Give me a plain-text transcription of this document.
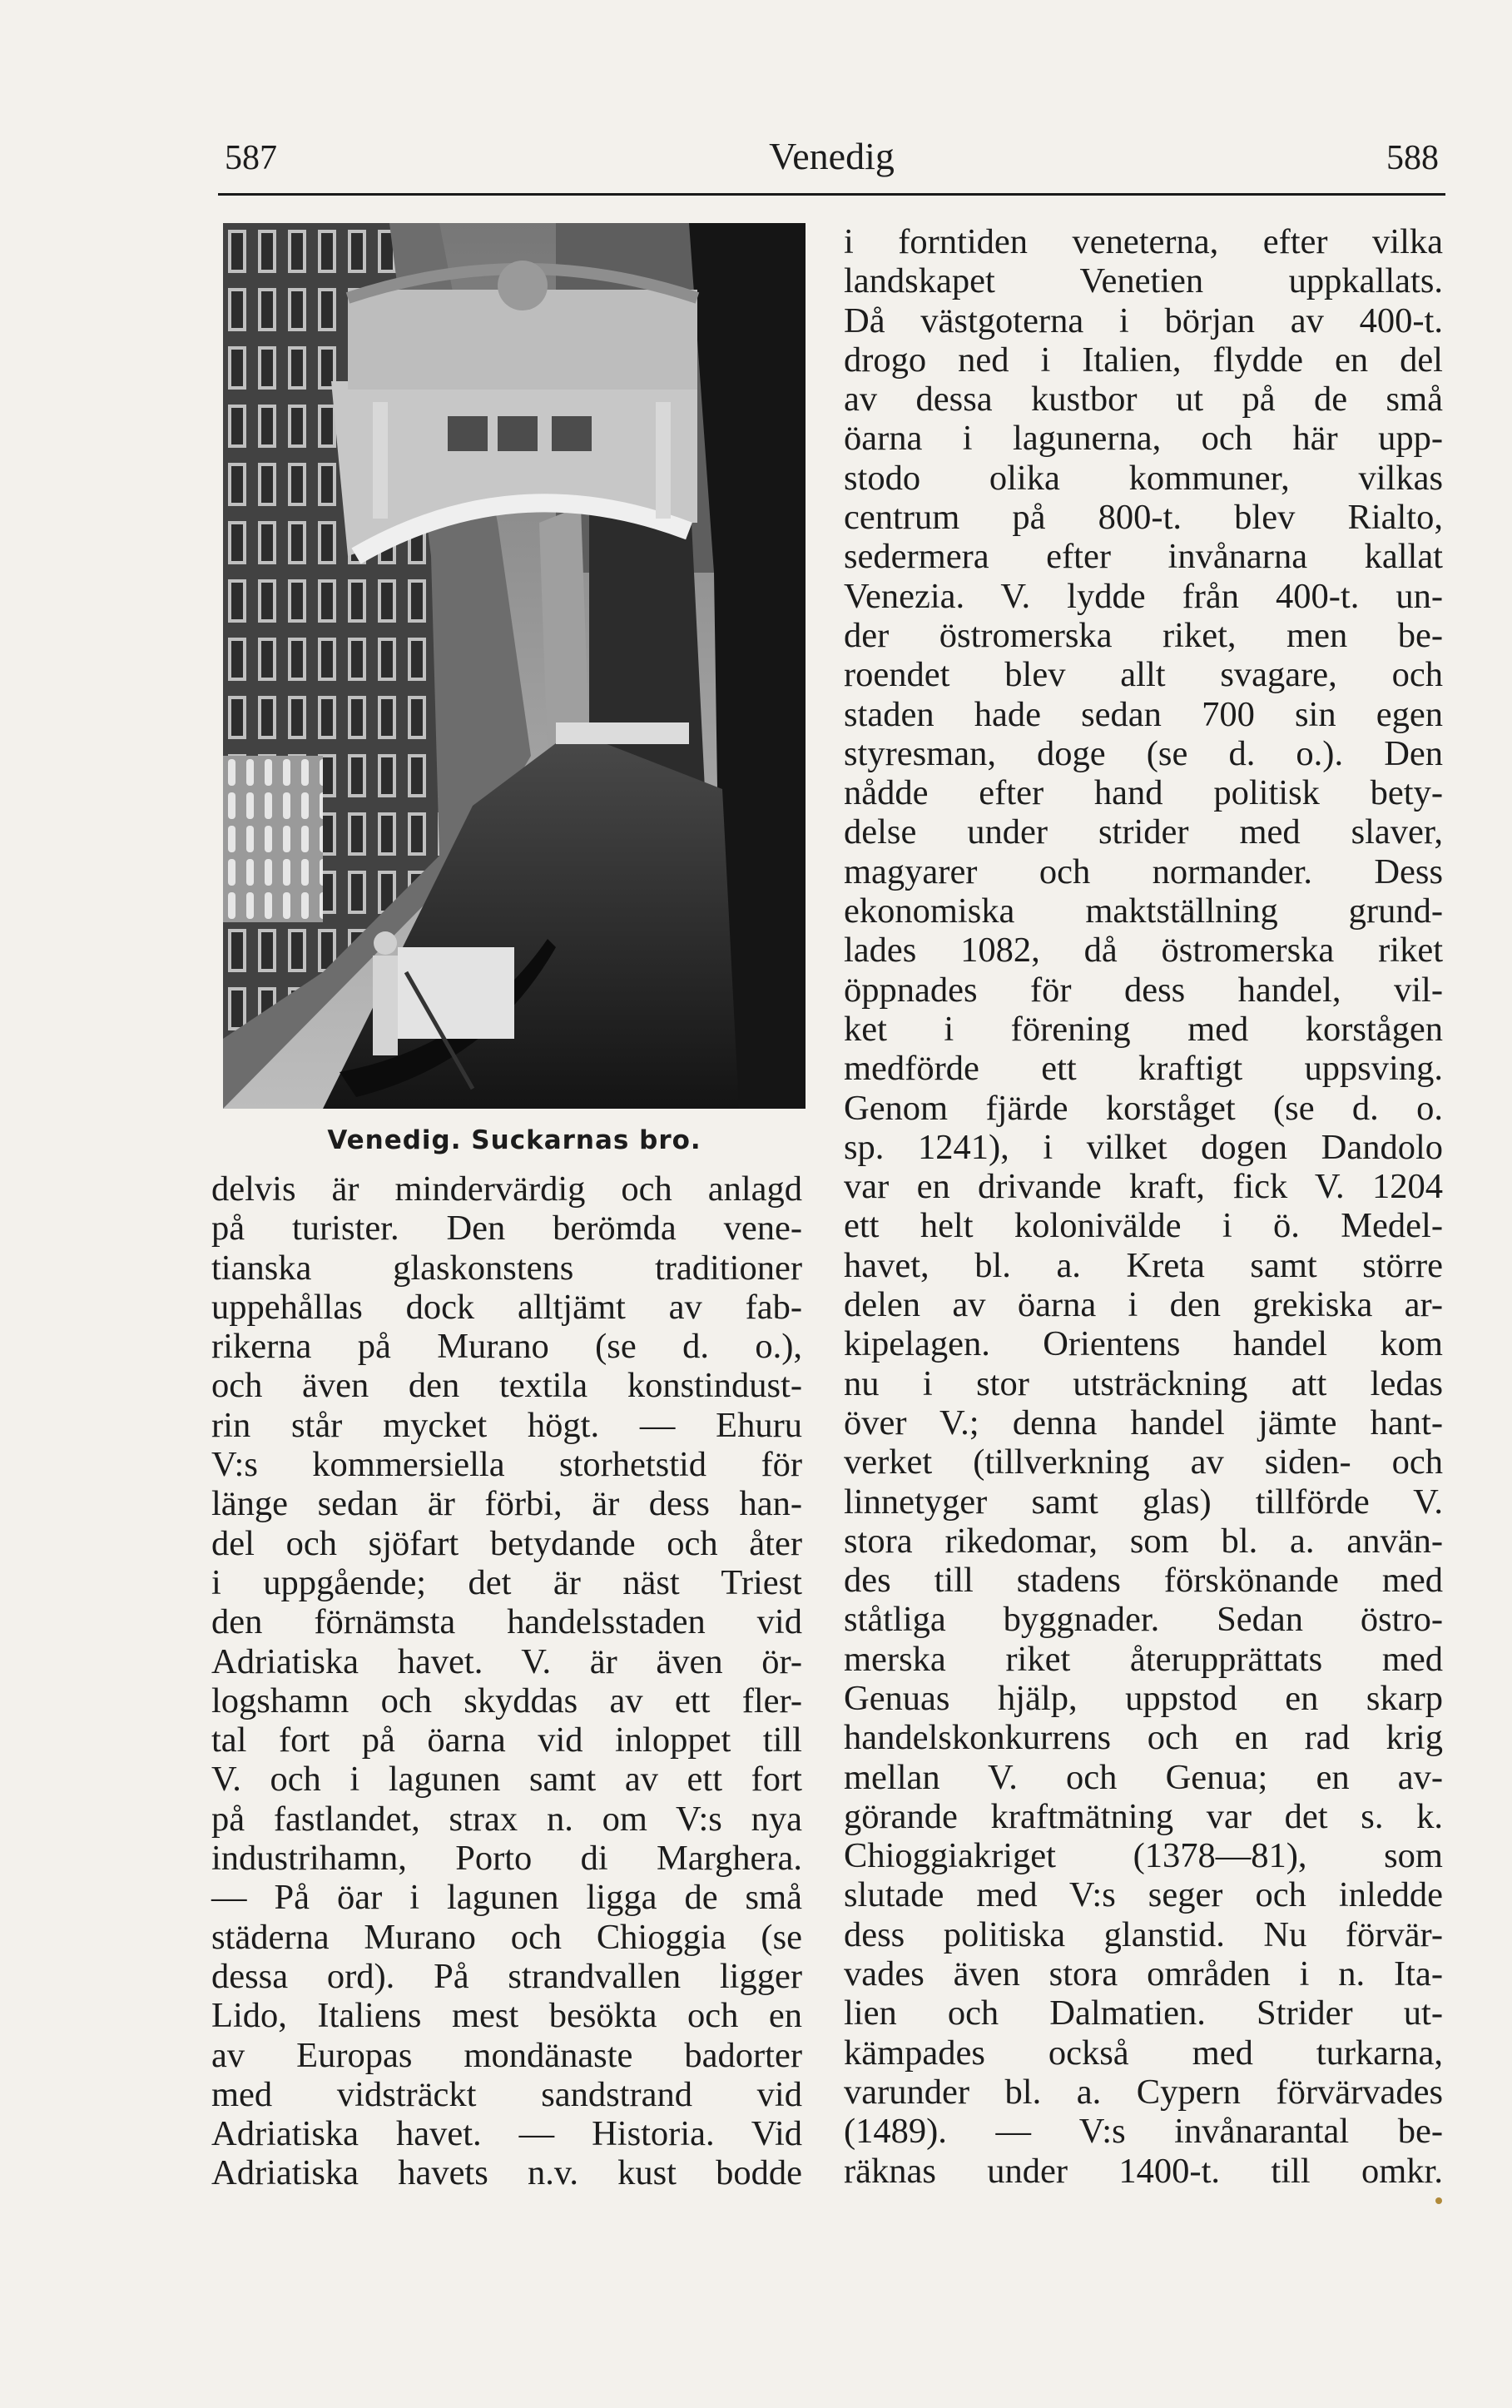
587	Venedig	588
Venedig. Suckarnas bro.
delvis är mindervärdig och anlagd
på turister. Den berömda vene-
tianska glaskonstens traditioner
uppehållas dock alltjämt av fab-
rikerna på Murano (se d. o.),
och även den textila konstindust-
rin står mycket högt. — Ehuru
V:s kommersiella storhetstid för
länge sedan är förbi, är dess han-
del och sjöfart betydande och åter
i uppgående; det är näst Triest
den förnämsta handelsstaden vid
Adriatiska havet. V. är även ör-
logshamn och skyddas av ett fler-
tal fort på öarna vid inloppet till
V. och i lagunen samt av ett fort
på fastlandet, strax n. om V:s nya
industrihamn, Porto di Marghera.
— På öar i lagunen ligga de små
städerna Murano och Chioggia (se
dessa ord). På strandvallen ligger
Lido, Italiens mest besökta och en
av Europas mondänaste badorter
med vidsträckt sandstrand vid
Adriatiska havet. — Historia. Vid
Adriatiska havets n.v. kust bodde
i forntiden veneterna, efter vilka
landskapet Venetien uppkallats.
Då västgoterna i början av 400-t.
drogo ned i Italien, flydde en del
av dessa kustbor ut på de små
öarna i lagunerna, och här upp-
stodo olika kommuner, vilkas
centrum på 800-t. blev Rialto,
sedermera efter invånarna kallat
Venezia. V. lydde från 400-t. un-
der östromerska riket, men be-
roendet blev allt svagare, och
staden hade sedan 700 sin egen
styresman, doge (se d. o.). Den
nådde efter hand politisk bety-
delse under strider med slaver,
magyarer och normander. Dess
ekonomiska maktställning grund-
lades 1082, då östromerska riket
öppnades för dess handel, vil-
ket i förening med korstågen
medförde ett kraftigt uppsving.
Genom fjärde korståget (se d. o.
sp. 1241), i vilket dogen Dandolo
var en drivande kraft, fick V. 1204
ett helt kolonivälde i ö. Medel-
havet, bl. a. Kreta samt större
delen av öarna i den grekiska ar-
kipelagen. Orientens handel kom
nu i stor utsträckning att ledas
över V.; denna handel jämte hant-
verket (tillverkning av siden- och
linnetyger samt glas) tillförde V.
stora rikedomar, som bl. a. använ-
des till stadens förskönande med
ståtliga byggnader. Sedan östro-
merska riket återupprättats med
Genuas hjälp, uppstod en skarp
handelskonkurrens och en rad krig
mellan V. och Genua; en av-
görande kraftmätning var det s. k.
Chioggiakriget (1378—81), som
slutade med V:s seger och inledde
dess politiska glanstid. Nu förvär-
vades även stora områden i n. Ita-
lien och Dalmatien. Strider ut-
kämpades också med turkarna,
varunder bl. a. Cypern förvärvades
(1489). — V:s invånarantal be-
räknas under 1400-t. till omkr.
